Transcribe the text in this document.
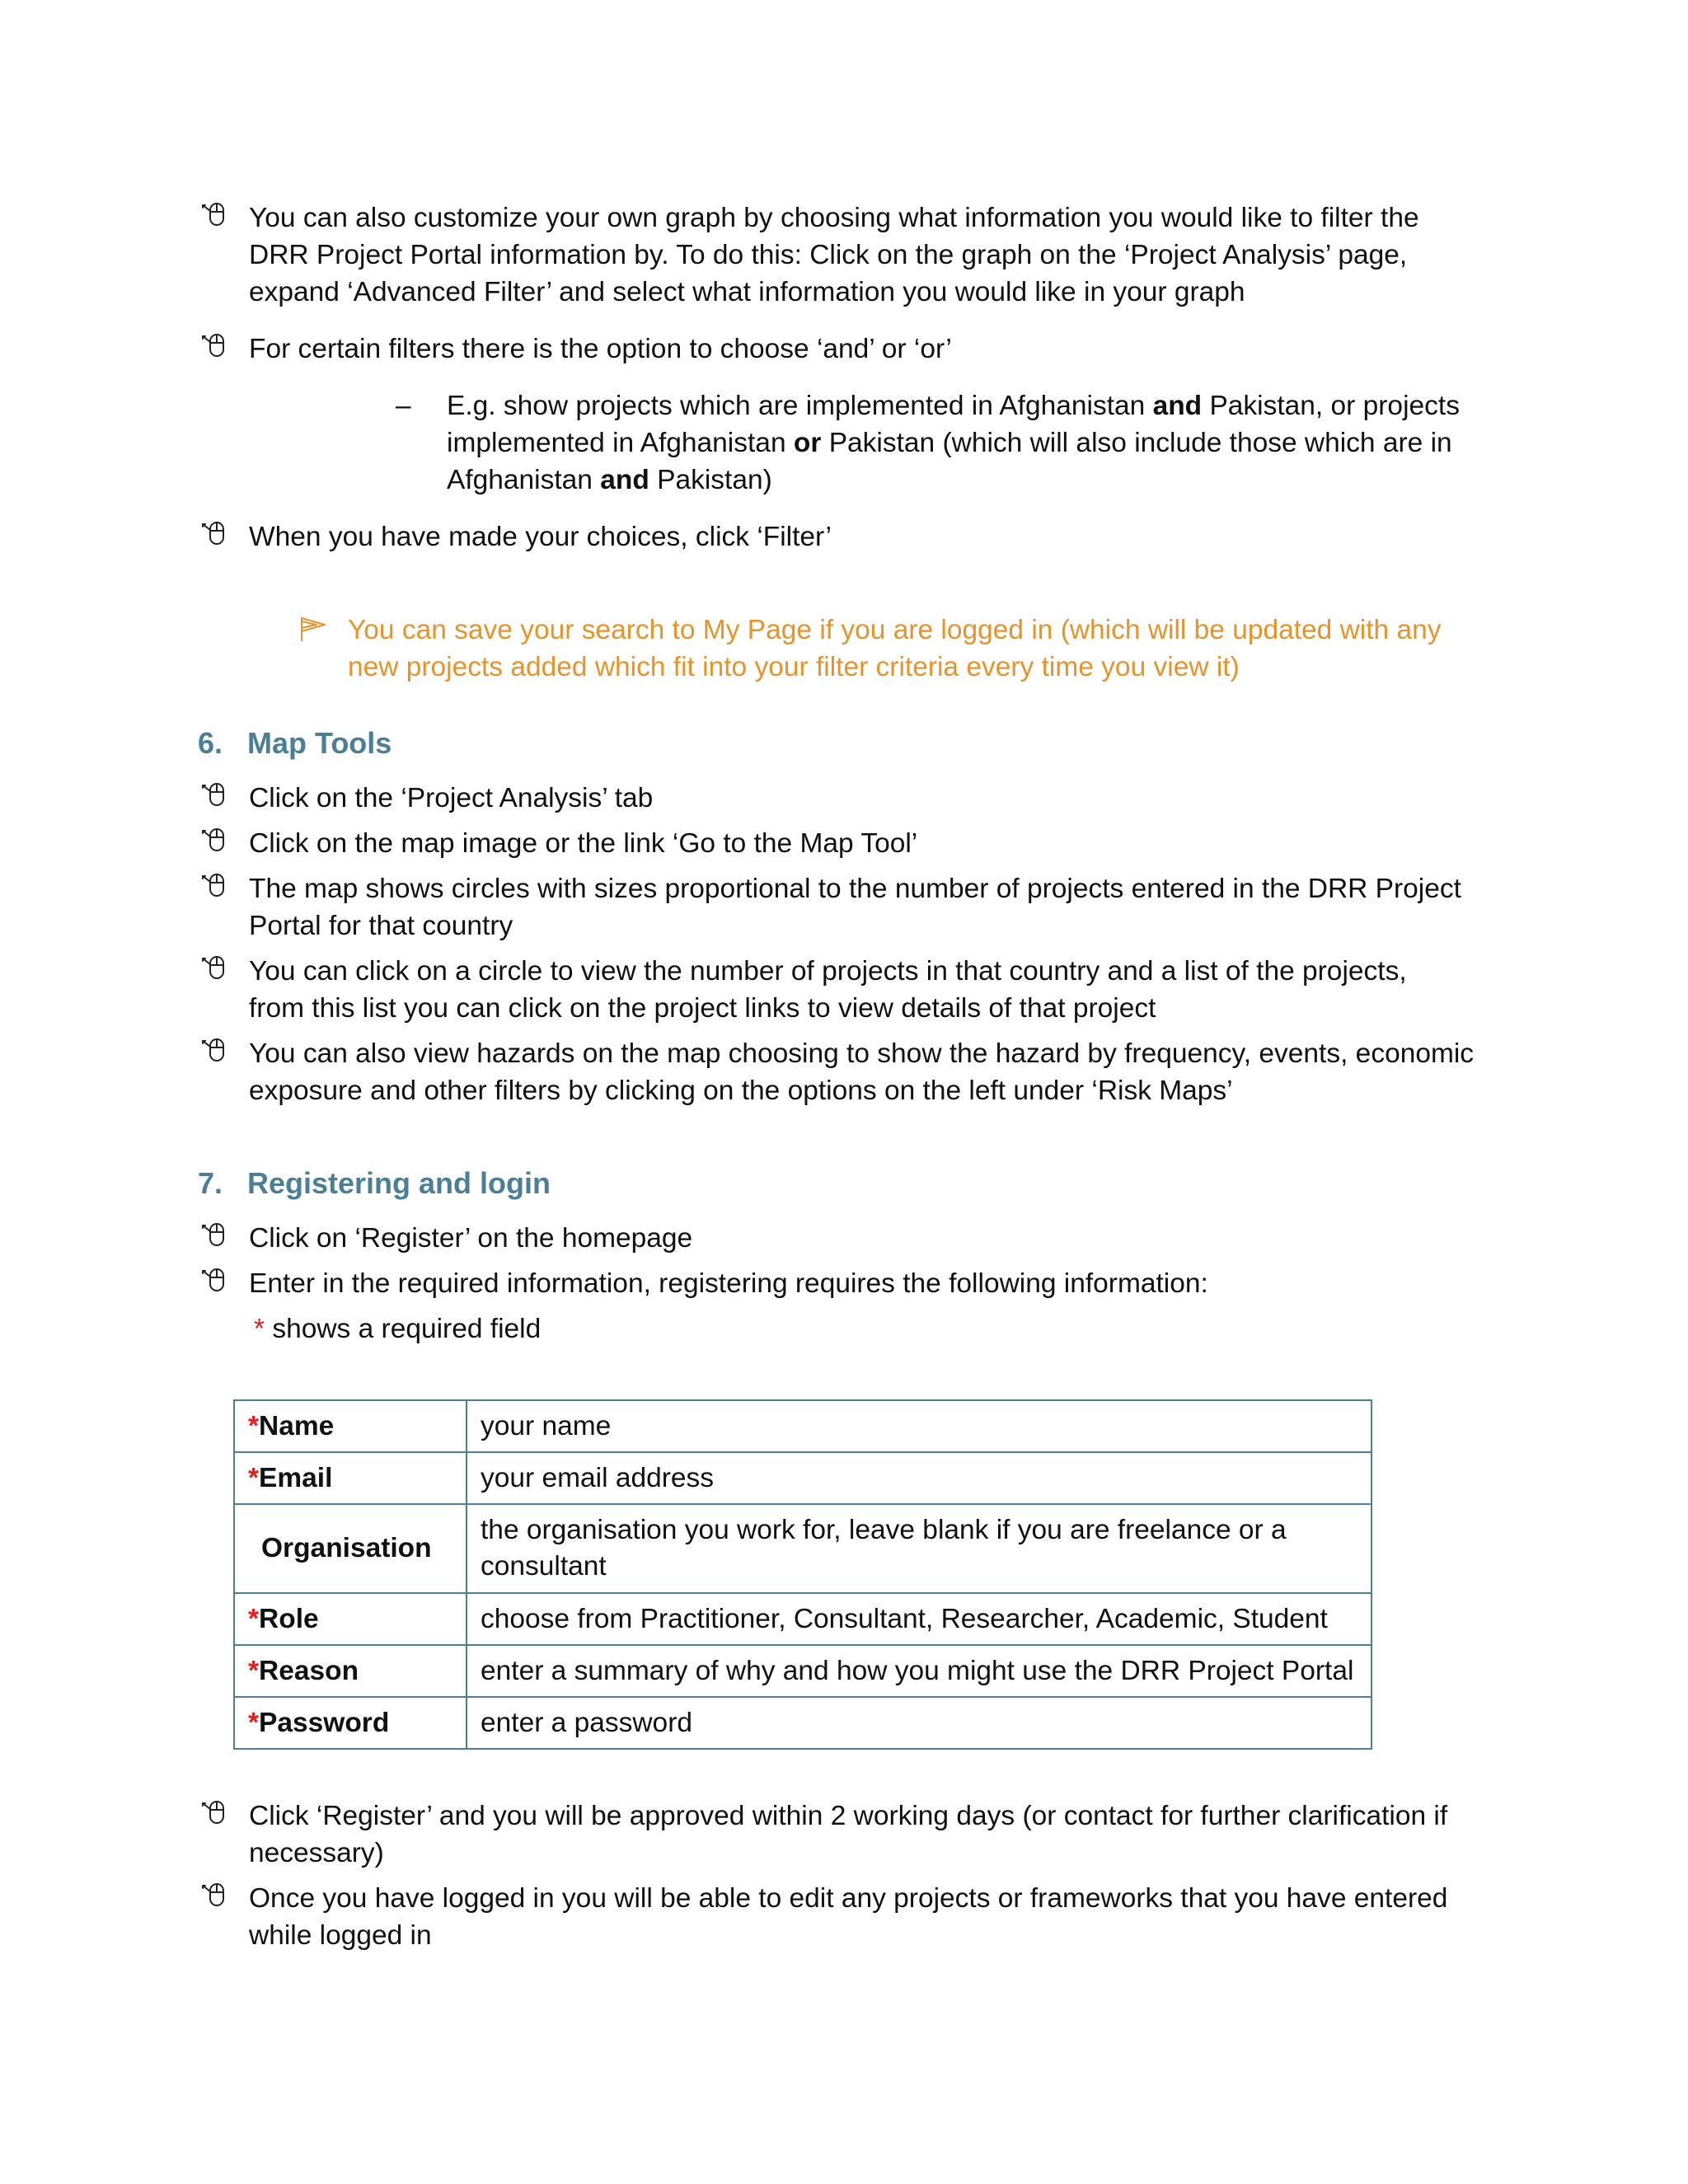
You can also customize your own graph by choosing what information you would like to filter the
DRR Project Portal information by. To do this: Click on the graph on the ‘Project Analysis’ page,
expand ‘Advanced Filter’ and select what information you would like in your graph
For certain filters there is the option to choose ‘and’ or ‘or’
– E.g. show projects which are implemented in Afghanistan and Pakistan, or projects
implemented in Afghanistan or Pakistan (which will also include those which are in
Afghanistan and Pakistan)
When you have made your choices, click ‘Filter’
You can save your search to My Page if you are logged in (which will be updated with any
new projects added which fit into your filter criteria every time you view it)
6. Map Tools
Click on the ‘Project Analysis’ tab
Click on the map image or the link ‘Go to the Map Tool’
The map shows circles with sizes proportional to the number of projects entered in the DRR Project
Portal for that country
You can click on a circle to view the number of projects in that country and a list of the projects,
from this list you can click on the project links to view details of that project
You can also view hazards on the map choosing to show the hazard by frequency, events, economic
exposure and other filters by clicking on the options on the left under ‘Risk Maps’
7. Registering and login
Click on ‘Register’ on the homepage
Enter in the required information, registering requires the following information:
* shows a required field
*Name	your name
*Email	your email address
Organisation	the organisation you work for, leave blank if you are freelance or a consultant

*Role	choose from Practitioner, Consultant, Researcher, Academic, Student
*Reason	enter a summary of why and how you might use the DRR Project Portal
*Password	enter a password
Click ‘Register’ and you will be approved within 2 working days (or contact for further clarification if
necessary)
Once you have logged in you will be able to edit any projects or frameworks that you have entered
while logged in
